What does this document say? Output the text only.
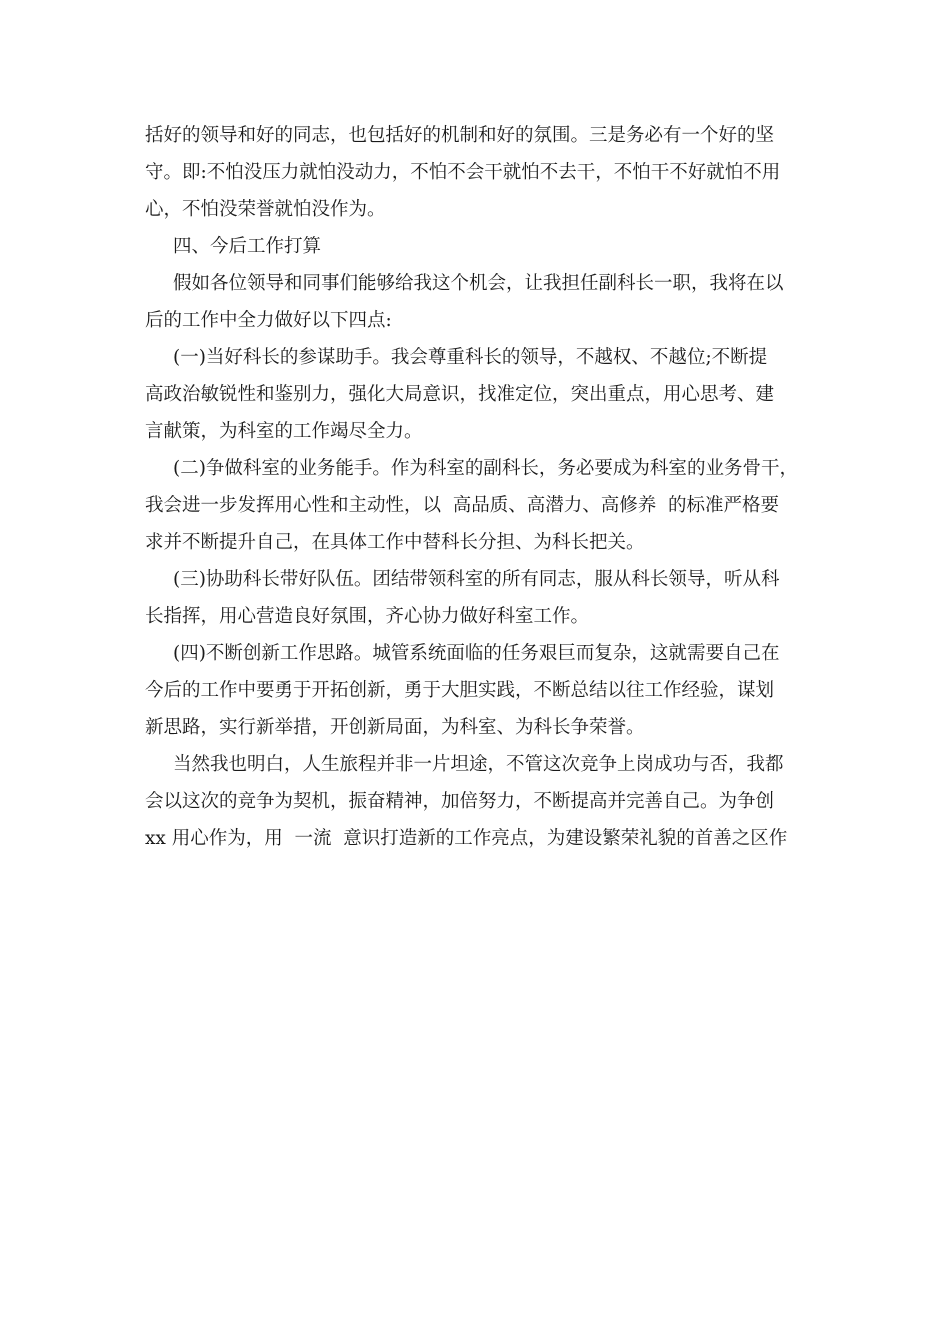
括好的领导和好的同志，也包括好的机制和好的氛围。三是务必有一个好的坚
守。即:不怕没压力就怕没动力，不怕不会干就怕不去干，不怕干不好就怕不用
心，不怕没荣誉就怕没作为。
四、今后工作打算
假如各位领导和同事们能够给我这个机会，让我担任副科长一职，我将在以
后的工作中全力做好以下四点:
(一)当好科长的参谋助手。我会尊重科长的领导，不越权、不越位;不断提
高政治敏锐性和鉴别力，强化大局意识，找准定位，突出重点，用心思考、建
言献策，为科室的工作竭尽全力。
(二)争做科室的业务能手。作为科室的副科长，务必要成为科室的业务骨干，
我会进一步发挥用心性和主动性，以  高品质、高潜力、高修养  的标准严格要
求并不断提升自己，在具体工作中替科长分担、为科长把关。
(三)协助科长带好队伍。团结带领科室的所有同志，服从科长领导，听从科
长指挥，用心营造良好氛围，齐心协力做好科室工作。
(四)不断创新工作思路。城管系统面临的任务艰巨而复杂，这就需要自己在
今后的工作中要勇于开拓创新，勇于大胆实践，不断总结以往工作经验，谋划
新思路，实行新举措，开创新局面，为科室、为科长争荣誉。
当然我也明白，人生旅程并非一片坦途，不管这次竞争上岗成功与否，我都
会以这次的竞争为契机，振奋精神，加倍努力，不断提高并完善自己。为争创
xx 用心作为，用  一流  意识打造新的工作亮点，为建设繁荣礼貌的首善之区作
